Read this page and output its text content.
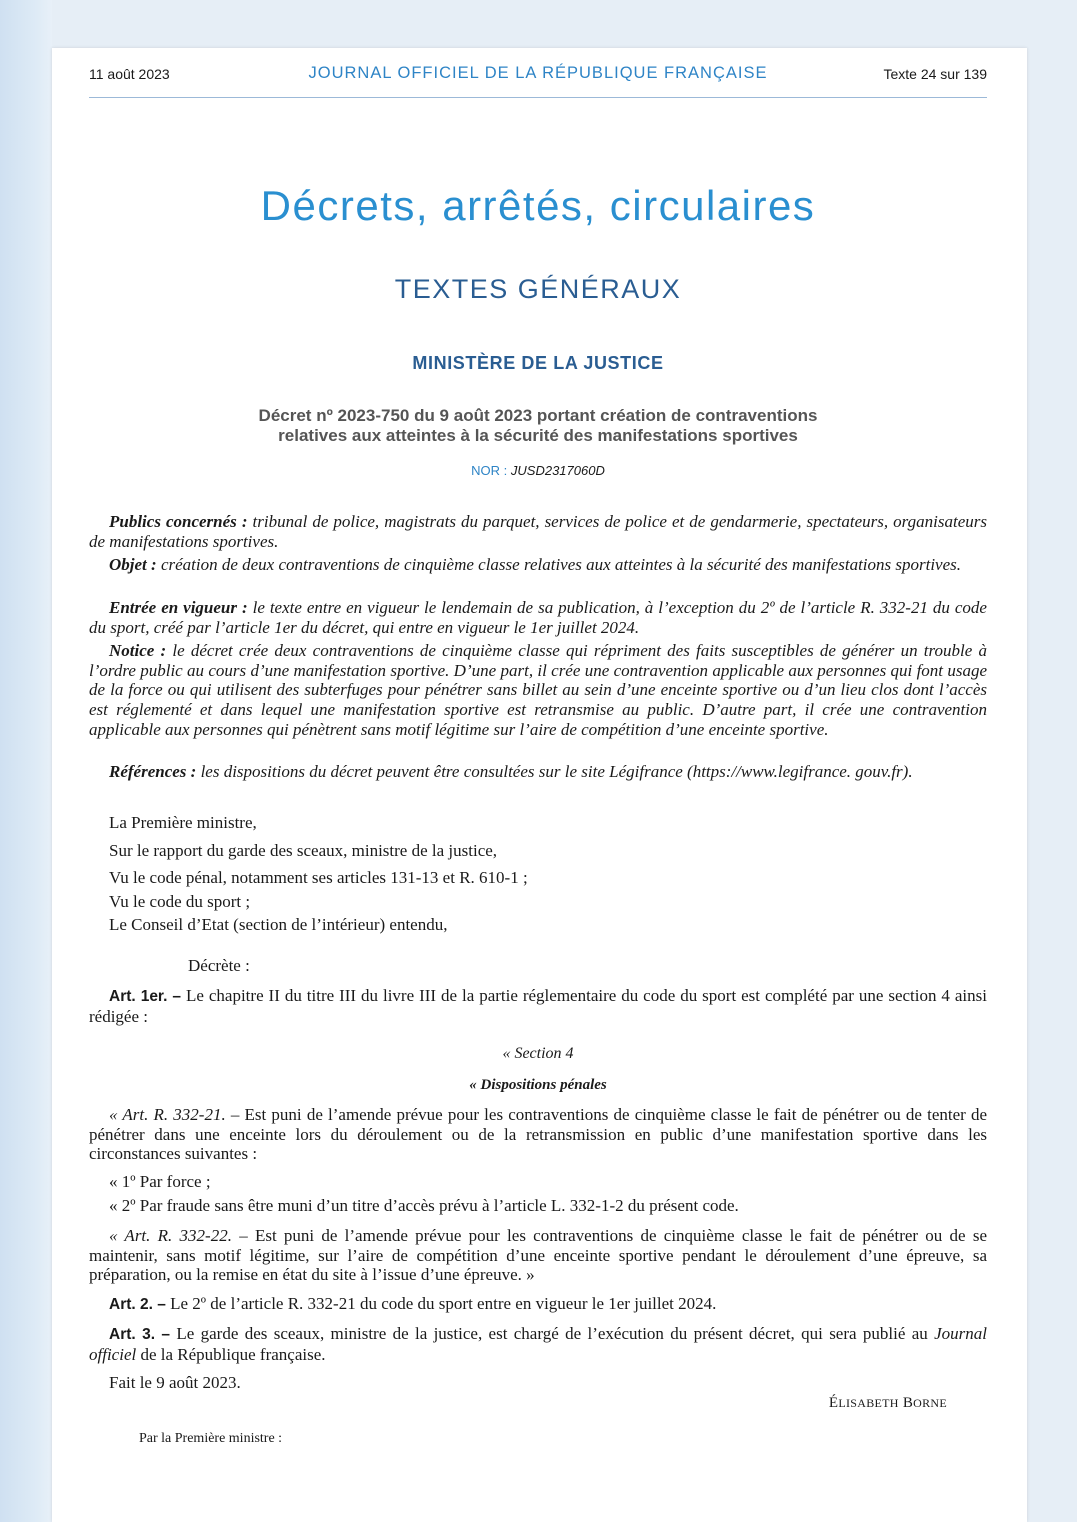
11 août 2023	JOURNAL OFFICIEL DE LA RÉPUBLIQUE FRANÇAISE	Texte 24 sur 139
Décrets, arrêtés, circulaires
TEXTES GÉNÉRAUX
MINISTÈRE DE LA JUSTICE
Décret nº 2023-750 du 9 août 2023 portant création de contraventions
relatives aux atteintes à la sécurité des manifestations sportives
NOR : JUSD2317060D
Publics concernés : tribunal de police, magistrats du parquet, services de police et de gendarmerie, spectateurs, organisateurs de manifestations sportives.
Objet : création de deux contraventions de cinquième classe relatives aux atteintes à la sécurité des manifestations sportives.
Entrée en vigueur : le texte entre en vigueur le lendemain de sa publication, à l’exception du 2º de l’article R. 332-21 du code du sport, créé par l’article 1er du décret, qui entre en vigueur le 1er juillet 2024.
Notice : le décret crée deux contraventions de cinquième classe qui répriment des faits susceptibles de générer un trouble à l’ordre public au cours d’une manifestation sportive. D’une part, il crée une contravention applicable aux personnes qui font usage de la force ou qui utilisent des subterfuges pour pénétrer sans billet au sein d’une enceinte sportive ou d’un lieu clos dont l’accès est réglementé et dans lequel une manifestation sportive est retransmise au public. D’autre part, il crée une contravention applicable aux personnes qui pénètrent sans motif légitime sur l’aire de compétition d’une enceinte sportive.
Références : les dispositions du décret peuvent être consultées sur le site Légifrance (https://www.legifrance. gouv.fr).
La Première ministre,
Sur le rapport du garde des sceaux, ministre de la justice,
Vu le code pénal, notamment ses articles 131-13 et R. 610-1 ;
Vu le code du sport ;
Le Conseil d’Etat (section de l’intérieur) entendu,
Décrète :
Art. 1er. – Le chapitre II du titre III du livre III de la partie réglementaire du code du sport est complété par une section 4 ainsi rédigée :
« Section 4
« Dispositions pénales
« Art. R. 332-21. – Est puni de l’amende prévue pour les contraventions de cinquième classe le fait de pénétrer ou de tenter de pénétrer dans une enceinte lors du déroulement ou de la retransmission en public d’une manifestation sportive dans les circonstances suivantes :
« 1º Par force ;
« 2º Par fraude sans être muni d’un titre d’accès prévu à l’article L. 332-1-2 du présent code.
« Art. R. 332-22. – Est puni de l’amende prévue pour les contraventions de cinquième classe le fait de pénétrer ou de se maintenir, sans motif légitime, sur l’aire de compétition d’une enceinte sportive pendant le déroulement d’une épreuve, sa préparation, ou la remise en état du site à l’issue d’une épreuve. »
Art. 2. – Le 2º de l’article R. 332-21 du code du sport entre en vigueur le 1er juillet 2024.
Art. 3. – Le garde des sceaux, ministre de la justice, est chargé de l’exécution du présent décret, qui sera publié au Journal officiel de la République française.
Fait le 9 août 2023.
ÉLISABETH BORNE
Par la Première ministre :
